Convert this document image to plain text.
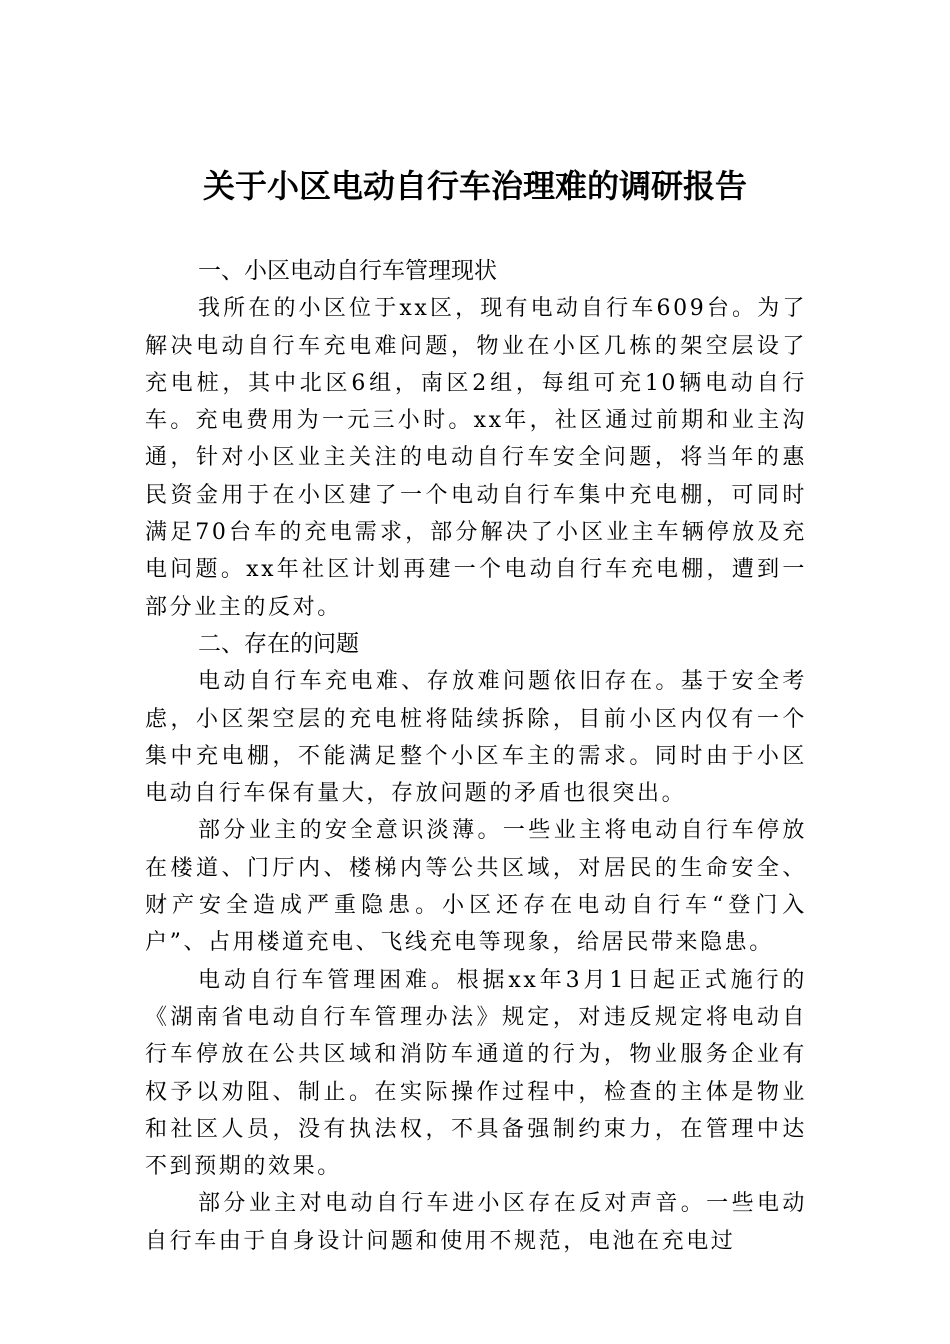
关于小区电动自行车治理难的调研报告
一、小区电动自行车管理现状

我所在的小区位于xx区，现有电动自行车609台。为了解决电动自行车充电难问题，物业在小区几栋的架空层设了充电桩，其中北区6组，南区2组，每组可充10辆电动自行车。充电费用为一元三小时。xx年，社区通过前期和业主沟通，针对小区业主关注的电动自行车安全问题，将当年的惠民资金用于在小区建了一个电动自行车集中充电棚，可同时满足70台车的充电需求，部分解决了小区业主车辆停放及充电问题。xx年社区计划再建一个电动自行车充电棚，遭到一部分业主的反对。

二、存在的问题

电动自行车充电难、存放难问题依旧存在。基于安全考虑，小区架空层的充电桩将陆续拆除，目前小区内仅有一个集中充电棚，不能满足整个小区车主的需求。同时由于小区电动自行车保有量大，存放问题的矛盾也很突出。

部分业主的安全意识淡薄。一些业主将电动自行车停放在楼道、门厅内、楼梯内等公共区域，对居民的生命安全、财产安全造成严重隐患。小区还存在电动自行车“登门入户”、占用楼道充电、飞线充电等现象，给居民带来隐患。

电动自行车管理困难。根据xx年3月1日起正式施行的《湖南省电动自行车管理办法》规定，对违反规定将电动自行车停放在公共区域和消防车通道的行为，物业服务企业有权予以劝阻、制止。在实际操作过程中，检查的主体是物业和社区人员，没有执法权，不具备强制约束力，在管理中达不到预期的效果。

部分业主对电动自行车进小区存在反对声音。一些电动自行车由于自身设计问题和使用不规范，电池在充电过
